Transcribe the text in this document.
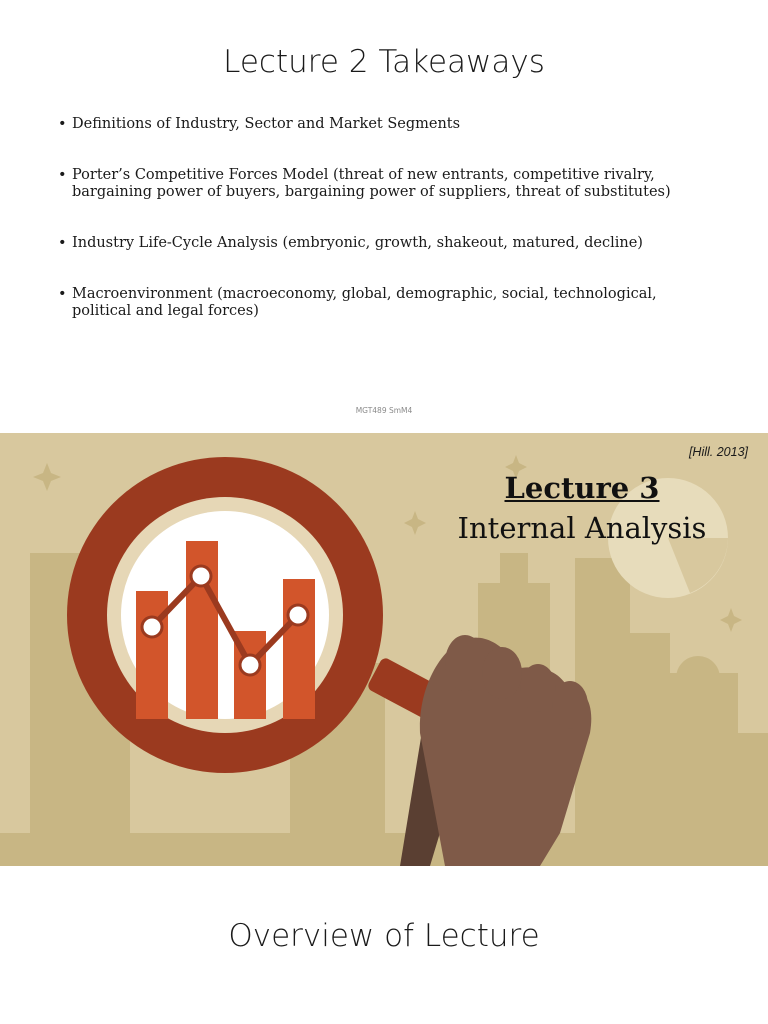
Lecture 2 Takeaways
• Definitions of Industry, Sector and Market Segments
• Porter’s Competitive Forces Model (threat of new entrants, competitive rivalry, bargaining power of buyers, bargaining power of suppliers, threat of substitutes)
• Industry Life-Cycle Analysis (embryonic, growth, shakeout, matured, decline)
• Macroenvironment (macroeconomy, global, demographic, social, technological, political and legal forces)
MGT489 SmM4
[Hill. 2013]
Lecture 3
Internal Analysis
Overview of Lecture
